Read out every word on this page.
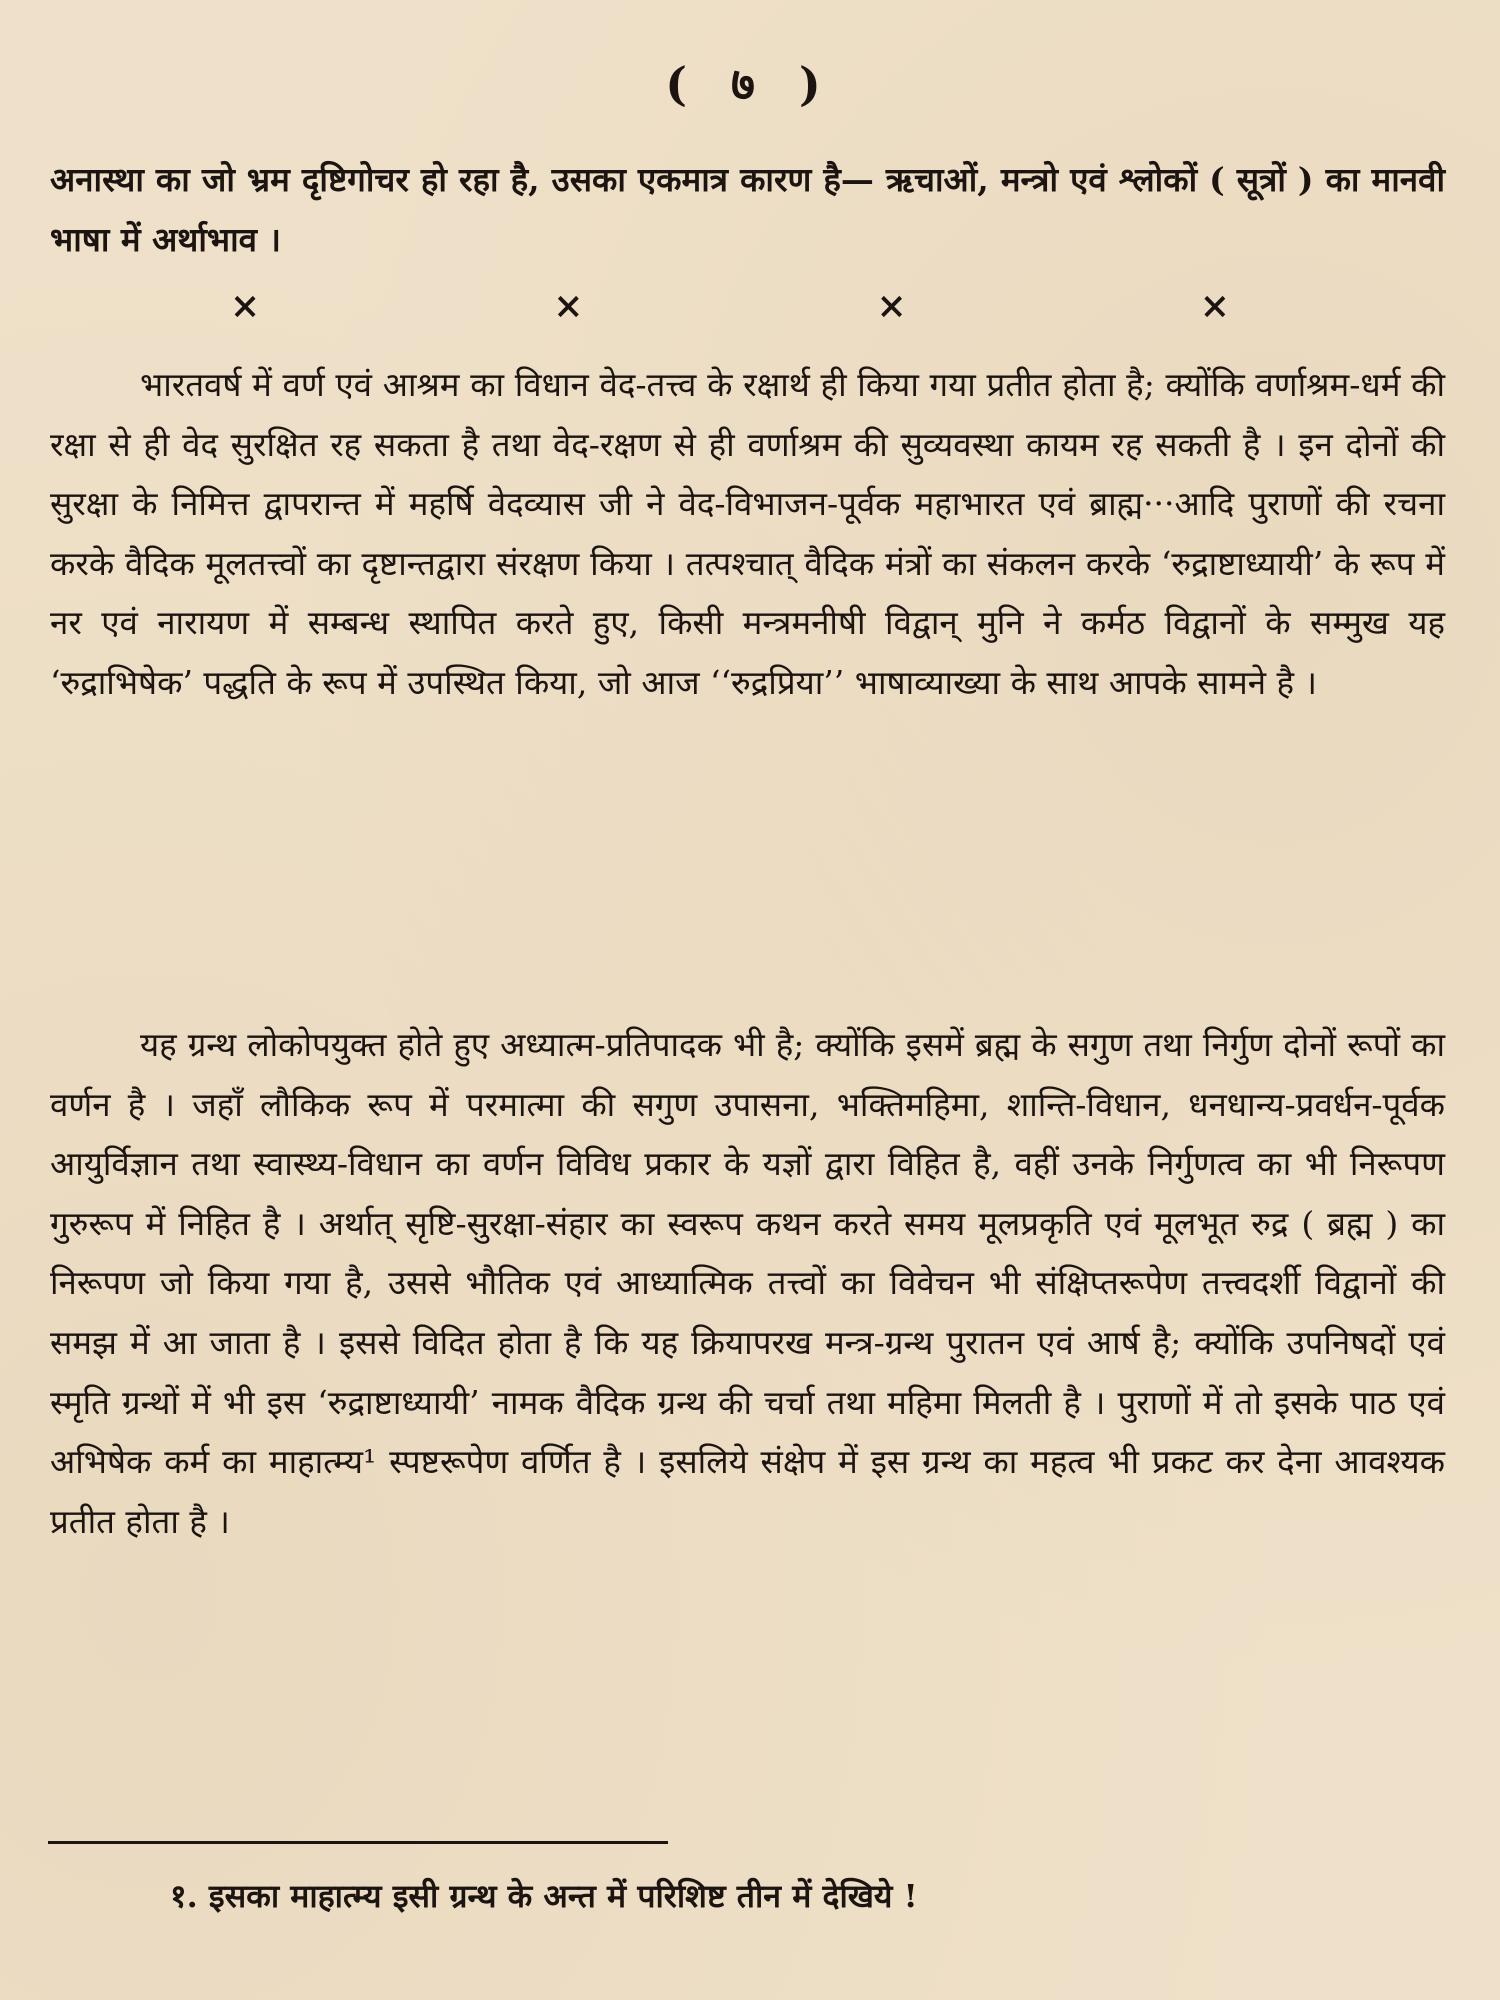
( ७ )

अनास्था का जो भ्रम दृष्टिगोचर हो रहा है, उसका एकमात्र कारण है— ऋचाओं, मन्त्रो एवं श्लोकों ( सूत्रों ) का मानवी भाषा में अर्थाभाव ।

×	×	×	×

भारतवर्ष में वर्ण एवं आश्रम का विधान वेद-तत्त्व के रक्षार्थ ही किया गया प्रतीत होता है; क्योंकि वर्णाश्रम-धर्म की रक्षा से ही वेद सुरक्षित रह सकता है तथा वेद-रक्षण से ही वर्णाश्रम की सुव्यवस्था कायम रह सकती है । इन दोनों की सुरक्षा के निमित्त द्वापरान्त में महर्षि वेदव्यास जी ने वेद-विभाजन-पूर्वक महाभारत एवं ब्राह्म···आदि पुराणों की रचना करके वैदिक मूलतत्त्वों का दृष्टान्तद्वारा संरक्षण किया । तत्पश्चात् वैदिक मंत्रों का संकलन करके ‘रुद्राष्टाध्यायी’ के रूप में नर एवं नारायण में सम्बन्ध स्थापित करते हुए, किसी मन्त्रमनीषी विद्वान् मुनि ने कर्मठ विद्वानों के सम्मुख यह ‘रुद्राभिषेक’ पद्धति के रूप में उपस्थित किया, जो आज ‘‘रुद्रप्रिया’’ भाषाव्याख्या के साथ आपके सामने है ।

यह ग्रन्थ लोकोपयुक्त होते हुए अध्यात्म-प्रतिपादक भी है; क्योंकि इसमें ब्रह्म के सगुण तथा निर्गुण दोनों रूपों का वर्णन है । जहाँ लौकिक रूप में परमात्मा की सगुण उपासना, भक्तिमहिमा, शान्ति-विधान, धनधान्य-प्रवर्धन-पूर्वक आयुर्विज्ञान तथा स्वास्थ्य-विधान का वर्णन विविध प्रकार के यज्ञों द्वारा विहित है, वहीं उनके निर्गुणत्व का भी निरूपण गुरुरूप में निहित है । अर्थात् सृष्टि-सुरक्षा-संहार का स्वरूप कथन करते समय मूलप्रकृति एवं मूलभूत रुद्र ( ब्रह्म ) का निरूपण जो किया गया है, उससे भौतिक एवं आध्यात्मिक तत्त्वों का विवेचन भी संक्षिप्तरूपेण तत्त्वदर्शी विद्वानों की समझ में आ जाता है । इससे विदित होता है कि यह क्रियापरख मन्त्र-ग्रन्थ पुरातन एवं आर्ष है; क्योंकि उपनिषदों एवं स्मृति ग्रन्थों में भी इस ‘रुद्राष्टाध्यायी’ नामक वैदिक ग्रन्थ की चर्चा तथा महिमा मिलती है । पुराणों में तो इसके पाठ एवं अभिषेक कर्म का माहात्म्य¹ स्पष्टरूपेण वर्णित है । इसलिये संक्षेप में इस ग्रन्थ का महत्व भी प्रकट कर देना आवश्यक प्रतीत होता है ।

१. इसका माहात्म्य इसी ग्रन्थ के अन्त में परिशिष्ट तीन में देखिये !
